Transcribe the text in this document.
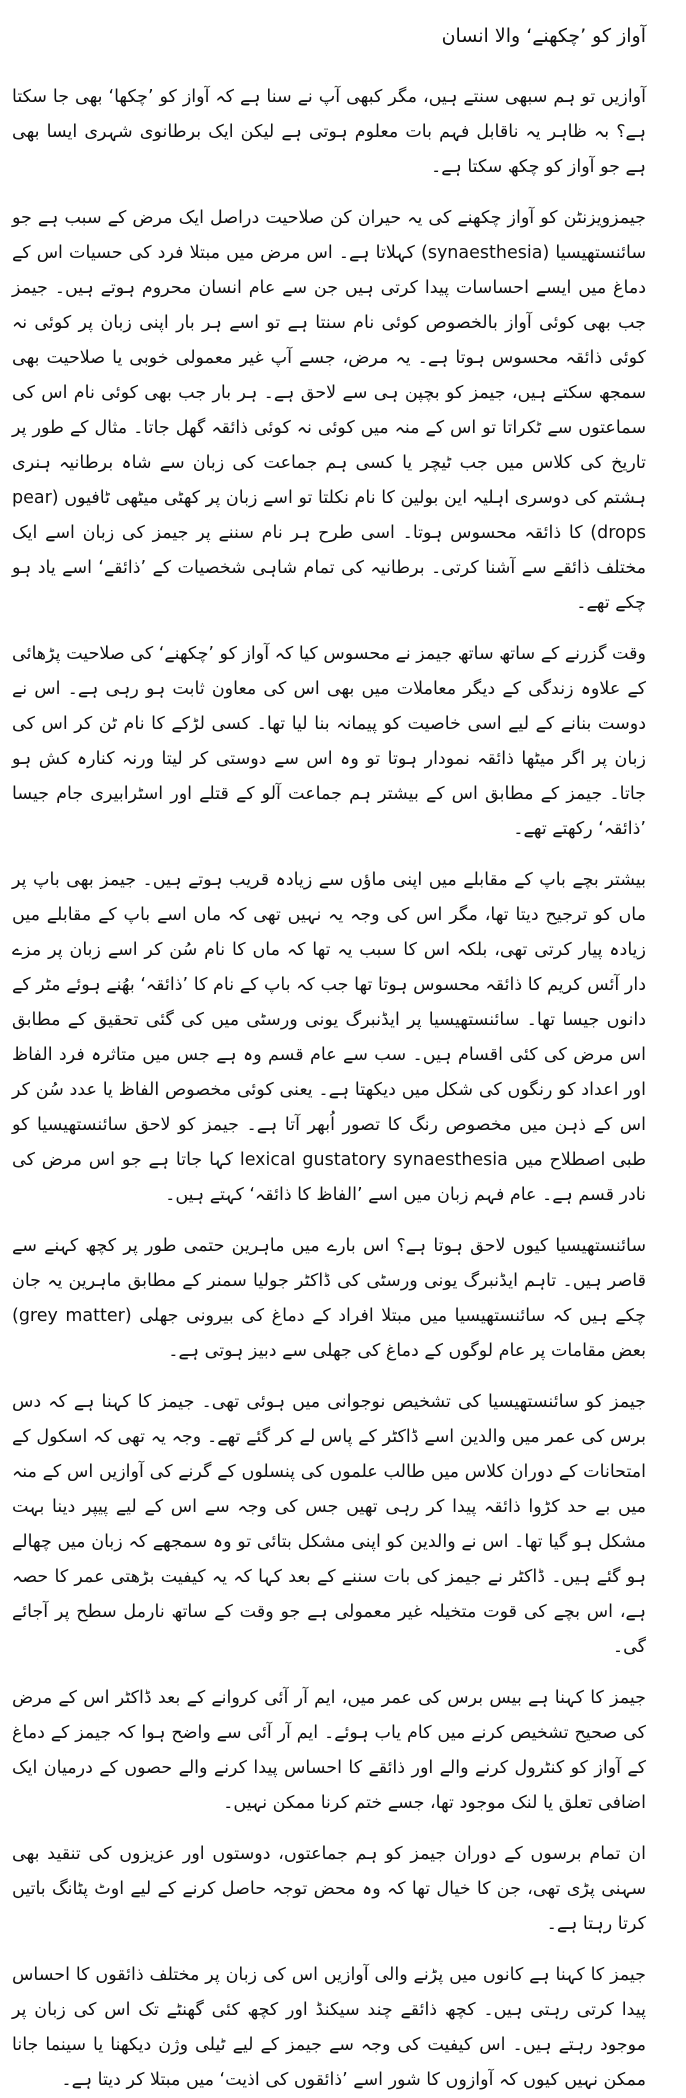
آواز کو ’چکھنے‘ والا انسان

آوازیں تو ہم سبھی سنتے ہیں، مگر کبھی آپ نے سنا ہے کہ آواز کو ’چکھا‘ بھی جا سکتا ہے؟ بہ ظاہر یہ ناقابل فہم بات معلوم ہوتی ہے لیکن ایک برطانوی شہری ایسا بھی ہے جو آواز کو چکھ سکتا ہے۔

جیمزویزنٹن کو آواز چکھنے کی یہ حیران کن صلاحیت دراصل ایک مرض کے سبب ہے جو سائنستھیسیا (synaesthesia) کہلاتا ہے۔ اس مرض میں مبتلا فرد کی حسیات اس کے دماغ میں ایسے احساسات پیدا کرتی ہیں جن سے عام انسان محروم ہوتے ہیں۔ جیمز جب بھی کوئی آواز بالخصوص کوئی نام سنتا ہے تو اسے ہر بار اپنی زبان پر کوئی نہ کوئی ذائقہ محسوس ہوتا ہے۔ یہ مرض، جسے آپ غیر معمولی خوبی یا صلاحیت بھی سمجھ سکتے ہیں، جیمز کو بچپن ہی سے لاحق ہے۔ ہر بار جب بھی کوئی نام اس کی سماعتوں سے ٹکراتا تو اس کے منہ میں کوئی نہ کوئی ذائقہ گھل جاتا۔ مثال کے طور پر تاریخ کی کلاس میں جب ٹیچر یا کسی ہم جماعت کی زبان سے شاہ برطانیہ ہنری ہشتم کی دوسری اہلیہ این بولین کا نام نکلتا تو اسے زبان پر کھٹی میٹھی ٹافیوں (pear drops) کا ذائقہ محسوس ہوتا۔ اسی طرح ہر نام سننے پر جیمز کی زبان اسے ایک مختلف ذائقے سے آشنا کرتی۔ برطانیہ کی تمام شاہی شخصیات کے ’ذائقے‘ اسے یاد ہو چکے تھے۔

وقت گزرنے کے ساتھ ساتھ جیمز نے محسوس کیا کہ آواز کو ’چکھنے‘ کی صلاحیت پڑھائی کے علاوہ زندگی کے دیگر معاملات میں بھی اس کی معاون ثابت ہو رہی ہے۔ اس نے دوست بنانے کے لیے اسی خاصیت کو پیمانہ بنا لیا تھا۔ کسی لڑکے کا نام ٹن کر اس کی زبان پر اگر میٹھا ذائقہ نمودار ہوتا تو وہ اس سے دوستی کر لیتا ورنہ کنارہ کش ہو جاتا۔ جیمز کے مطابق اس کے بیشتر ہم جماعت آلو کے قتلے اور اسٹرابیری جام جیسا ’ذائقہ‘ رکھتے تھے۔

بیشتر بچے باپ کے مقابلے میں اپنی ماؤں سے زیادہ قریب ہوتے ہیں۔ جیمز بھی باپ پر ماں کو ترجیح دیتا تھا، مگر اس کی وجہ یہ نہیں تھی کہ ماں اسے باپ کے مقابلے میں زیادہ پیار کرتی تھی، بلکہ اس کا سبب یہ تھا کہ ماں کا نام سُن کر اسے زبان پر مزے دار آئس کریم کا ذائقہ محسوس ہوتا تھا جب کہ باپ کے نام کا ’ذائقہ‘ بھُنے ہوئے مٹر کے دانوں جیسا تھا۔ سائنستھیسیا پر ایڈنبرگ یونی ورسٹی میں کی گئی تحقیق کے مطابق اس مرض کی کئی اقسام ہیں۔ سب سے عام قسم وہ ہے جس میں متاثرہ فرد الفاظ اور اعداد کو رنگوں کی شکل میں دیکھتا ہے۔ یعنی کوئی مخصوص الفاظ یا عدد سُن کر اس کے ذہن میں مخصوص رنگ کا تصور اُبھر آتا ہے۔ جیمز کو لاحق سائنستھیسیا کو طبی اصطلاح میں lexical gustatory synaesthesia کہا جاتا ہے جو اس مرض کی نادر قسم ہے۔ عام فہم زبان میں اسے ’الفاظ کا ذائقہ‘ کہتے ہیں۔

سائنستھیسیا کیوں لاحق ہوتا ہے؟ اس بارے میں ماہرین حتمی طور پر کچھ کہنے سے قاصر ہیں۔ تاہم ایڈنبرگ یونی ورسٹی کی ڈاکٹر جولیا سمنر کے مطابق ماہرین یہ جان چکے ہیں کہ سائنستھیسیا میں مبتلا افراد کے دماغ کی بیرونی جھلی (grey matter) بعض مقامات پر عام لوگوں کے دماغ کی جھلی سے دبیز ہوتی ہے۔

جیمز کو سائنستھیسیا کی تشخیص نوجوانی میں ہوئی تھی۔ جیمز کا کہنا ہے کہ دس برس کی عمر میں والدین اسے ڈاکٹر کے پاس لے کر گئے تھے۔ وجہ یہ تھی کہ اسکول کے امتحانات کے دوران کلاس میں طالب علموں کی پنسلوں کے گرنے کی آوازیں اس کے منہ میں بے حد کڑوا ذائقہ پیدا کر رہی تھیں جس کی وجہ سے اس کے لیے پیپر دینا بہت مشکل ہو گیا تھا۔ اس نے والدین کو اپنی مشکل بتائی تو وہ سمجھے کہ زبان میں چھالے ہو گئے ہیں۔ ڈاکٹر نے جیمز کی بات سننے کے بعد کہا کہ یہ کیفیت بڑھتی عمر کا حصہ ہے، اس بچے کی قوت متخیلہ غیر معمولی ہے جو وقت کے ساتھ نارمل سطح پر آجائے گی۔

جیمز کا کہنا ہے بیس برس کی عمر میں، ایم آر آئی کروانے کے بعد ڈاکٹر اس کے مرض کی صحیح تشخیص کرنے میں کام یاب ہوئے۔ ایم آر آئی سے واضح ہوا کہ جیمز کے دماغ کے آواز کو کنٹرول کرنے والے اور ذائقے کا احساس پیدا کرنے والے حصوں کے درمیان ایک اضافی تعلق یا لنک موجود تھا، جسے ختم کرنا ممکن نہیں۔

ان تمام برسوں کے دوران جیمز کو ہم جماعتوں، دوستوں اور عزیزوں کی تنقید بھی سہنی پڑی تھی، جن کا خیال تھا کہ وہ محض توجہ حاصل کرنے کے لیے اوٹ پٹانگ باتیں کرتا رہتا ہے۔

جیمز کا کہنا ہے کانوں میں پڑنے والی آوازیں اس کی زبان پر مختلف ذائقوں کا احساس پیدا کرتی رہتی ہیں۔ کچھ ذائقے چند سیکنڈ اور کچھ کئی گھنٹے تک اس کی زبان پر موجود رہتے ہیں۔ اس کیفیت کی وجہ سے جیمز کے لیے ٹیلی وژن دیکھنا یا سینما جانا ممکن نہیں کیوں کہ آوازوں کا شور اسے ’ذائقوں کی اذیت‘ میں مبتلا کر دیتا ہے۔
